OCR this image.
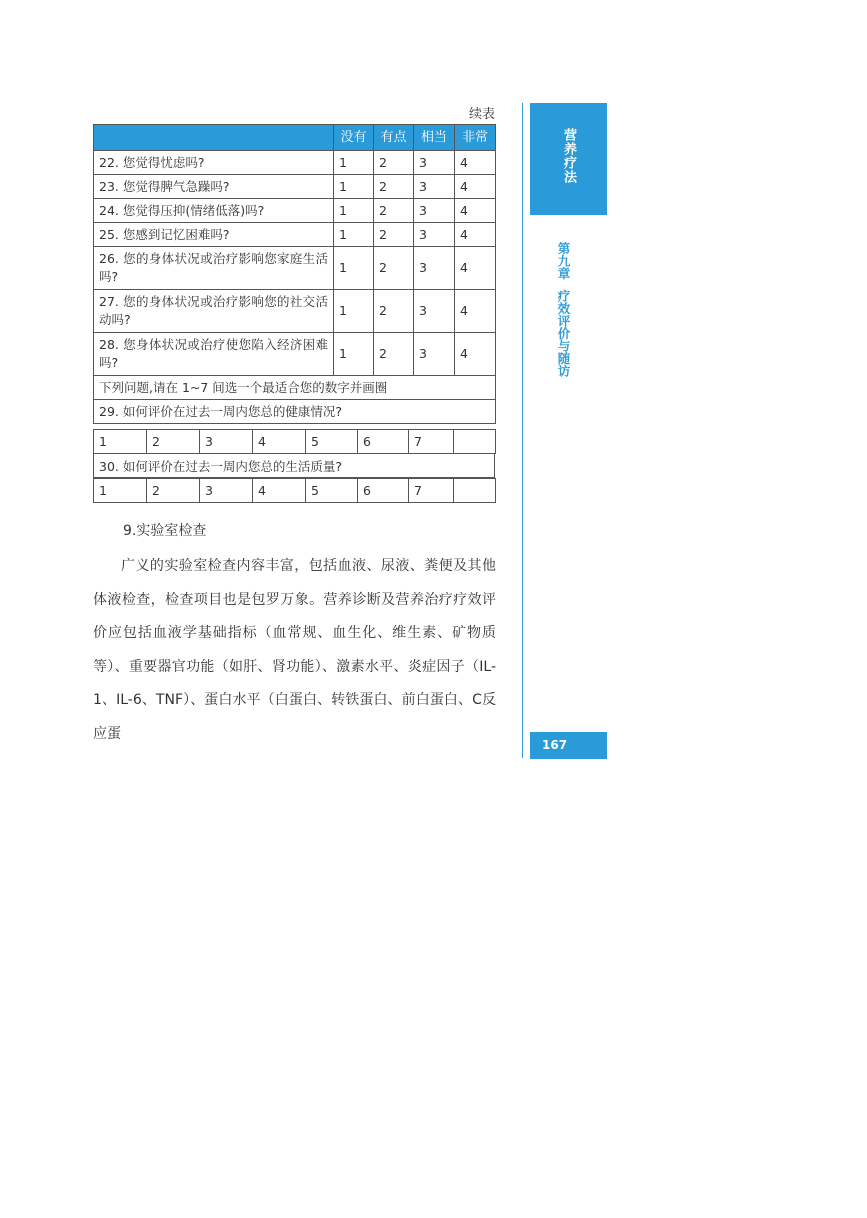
续表
	没有	有点	相当	非常
22. 您觉得忧虑吗?	1	2	3	4
23. 您觉得脾气急躁吗?	1	2	3	4
24. 您觉得压抑(情绪低落)吗?	1	2	3	4
25. 您感到记忆困难吗?	1	2	3	4

26. 您的身体状况或治疗影响您家庭生活吗?	1	2	3	4

27. 您的身体状况或治疗影响您的社交活动吗?	1	2	3	4

28. 您身体状况或治疗使您陷入经济困难吗?	1	2	3	4
下列问题,请在 1~7 间选一个最适合您的数字并画圈				
29. 如何评价在过去一周内您总的健康情况?				
1	2	3	4	5	6	7	
30. 如何评价在过去一周内您总的生活质量?
1	2	3	4	5	6	7	
9.实验室检查
广义的实验室检查内容丰富，包括血液、尿液、粪便及其他体液检查，检查项目也是包罗万象。营养诊断及营养治疗疗效评价应包括血液学基础指标（血常规、血生化、维生素、矿物质等）、重要器官功能（如肝、肾功能）、激素水平、炎症因子（IL-1、IL-6、TNF）、蛋白水平（白蛋白、转铁蛋白、前白蛋白、C反应蛋
营养
疗法
第九章疗效评价与随访
167
